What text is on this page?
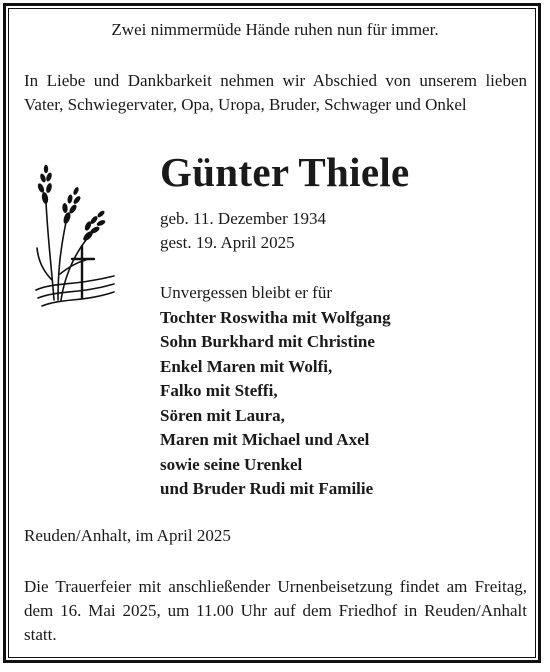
Zwei nimmermüde Hände ruhen nun für immer.
In Liebe und Dankbarkeit nehmen wir Abschied von unserem lieben Vater, Schwiegervater, Opa, Uropa, Bruder, Schwager und Onkel
Günter Thiele
geb. 11. Dezember 1934
gest. 19. April 2025
Unvergessen bleibt er für
Tochter Roswitha mit Wolfgang
Sohn Burkhard mit Christine
Enkel Maren mit Wolfi,
Falko mit Steffi,
Sören mit Laura,
Maren mit Michael und Axel
sowie seine Urenkel
und Bruder Rudi mit Familie
Reuden/Anhalt, im April 2025
Die Trauerfeier mit anschließender Urnenbeisetzung findet am Freitag, dem 16. Mai 2025, um 11.00 Uhr auf dem Friedhof in Reuden/Anhalt statt.
